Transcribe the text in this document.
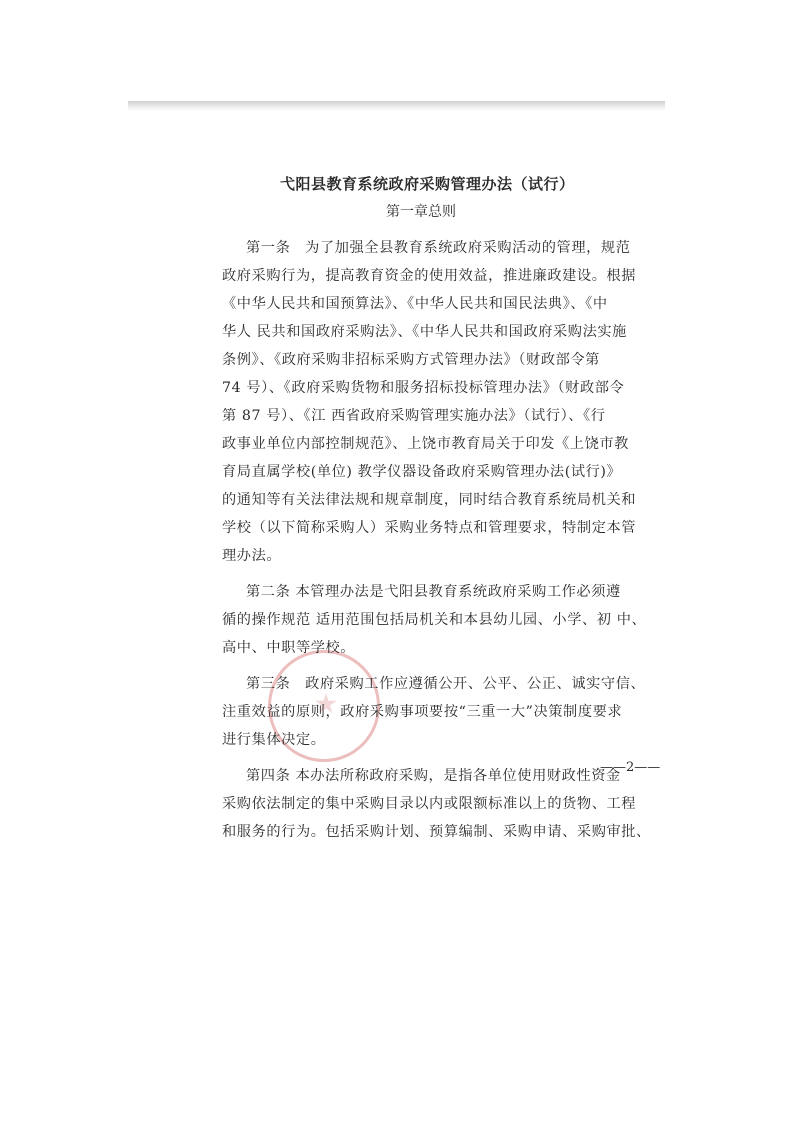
弋阳县教育系统政府采购管理办法（试行）
第一章总则
第一条　为了加强全县教育系统政府采购活动的管理，规范
政府采购行为，提高教育资金的使用效益，推进廉政建设。根据
《中华人民共和国预算法》、《中华人民共和国民法典》、《中
华人 民共和国政府采购法》、《中华人民共和国政府采购法实施
条例》、《政府采购非招标采购方式管理办法》（财政部令第
74 号）、《政府采购货物和服务招标投标管理办法》（财政部令
第 87 号）、《江 西省政府采购管理实施办法》（试行）、《行
政事业单位内部控制规范》、上饶市教育局关于印发《上饶市教
育局直属学校(单位) 教学仪器设备政府采购管理办法(试行)》
的通知等有关法律法规和规章制度，同时结合教育系统局机关和
学校（以下简称采购人）采购业务特点和管理要求，特制定本管
理办法。
第二条 本管理办法是弋阳县教育系统政府采购工作必须遵
循的操作规范 适用范围包括局机关和本县幼儿园、小学、初 中、
高中、中职等学校。
第三条　政府采购工作应遵循公开、公平、公正、诚实守信、
注重效益的原则，政府采购事项要按“三重一大”决策制度要求
进行集体决定。
第四条 本办法所称政府采购，是指各单位使用财政性资金
采购依法制定的集中采购目录以内或限额标准以上的货物、工程
和服务的行为。包括采购计划、预算编制、采购申请、采购审批、
——2——
